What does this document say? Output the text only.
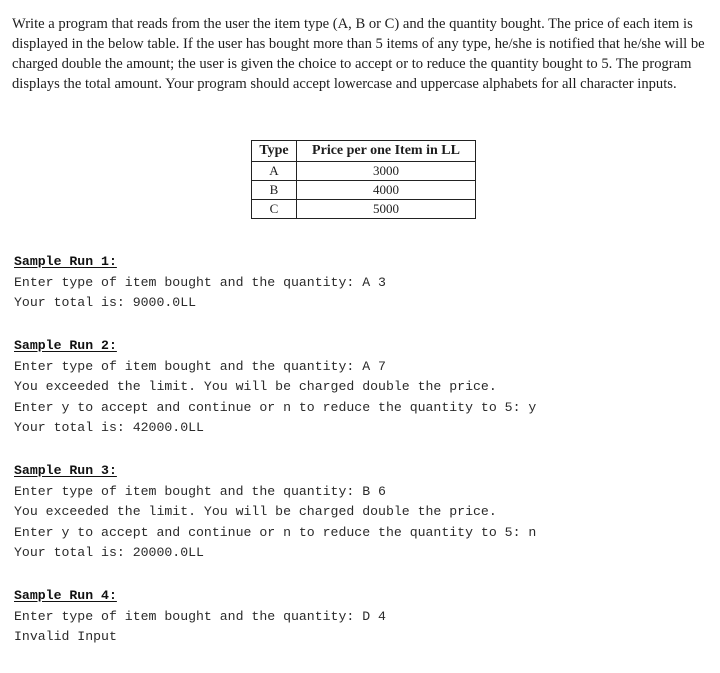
Write a program that reads from the user the item type (A, B or C) and the quantity bought. The price of each item is displayed in the below table. If the user has bought more than 5 items of any type, he/she is notified that he/she will be charged double the amount; the user is given the choice to accept or to reduce the quantity bought to 5. The program displays the total amount. Your program should accept lowercase and uppercase alphabets for all character inputs.

Type	Price per one Item in LL
A	3000
B	4000
C	5000
Sample Run 1:
Enter type of item bought and the quantity: A 3
Your total is: 9000.0LL
Sample Run 2:
Enter type of item bought and the quantity: A 7
You exceeded the limit. You will be charged double the price.
Enter y to accept and continue or n to reduce the quantity to 5: y
Your total is: 42000.0LL
Sample Run 3:
Enter type of item bought and the quantity: B 6
You exceeded the limit. You will be charged double the price.
Enter y to accept and continue or n to reduce the quantity to 5: n
Your total is: 20000.0LL
Sample Run 4:
Enter type of item bought and the quantity: D 4
Invalid Input
